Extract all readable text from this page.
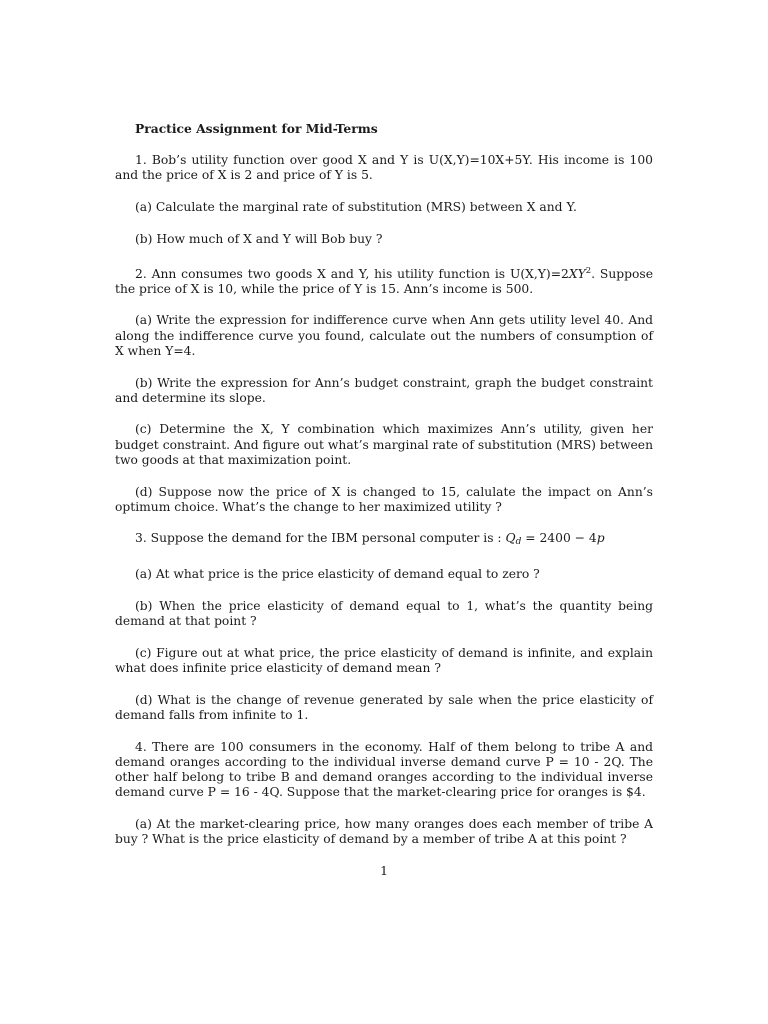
Practice Assignment for Mid-Terms
1. Bob’s utility function over good X and Y is U(X,Y)=10X+5Y. His income is 100 and the price of X is 2 and price of Y is 5.
(a) Calculate the marginal rate of substitution (MRS) between X and Y.
(b) How much of X and Y will Bob buy ?
2. Ann consumes two goods X and Y, his utility function is $U(X,Y)=2XY^2$. Suppose the price of X is 10, while the price of Y is 15. Ann’s income is 500.
(a) Write the expression for indifference curve when Ann gets utility level 40. And along the indifference curve you found, calculate out the numbers of consumption of X when Y=4.
(b) Write the expression for Ann’s budget constraint, graph the budget constraint and determine its slope.
(c) Determine the X, Y combination which maximizes Ann’s utility, given her budget constraint. And figure out what’s marginal rate of substitution (MRS) between two goods at that maximization point.
(d) Suppose now the price of X is changed to 15, calulate the impact on Ann’s optimum choice. What’s the change to her maximized utility ?
3. Suppose the demand for the IBM personal computer is : $Q_d = 2400 - 4p$
(a) At what price is the price elasticity of demand equal to zero ?
(b) When the price elasticity of demand equal to 1, what’s the quantity being demand at that point ?
(c) Figure out at what price, the price elasticity of demand is infinite, and explain what does infinite price elasticity of demand mean ?
(d) What is the change of revenue generated by sale when the price elasticity of demand falls from infinite to 1.
4. There are 100 consumers in the economy. Half of them belong to tribe A and demand oranges according to the individual inverse demand curve P = 10 - 2Q. The other half belong to tribe B and demand oranges according to the individual inverse demand curve P = 16 - 4Q. Suppose that the market-clearing price for oranges is $4.
(a) At the market-clearing price, how many oranges does each member of tribe A buy ? What is the price elasticity of demand by a member of tribe A at this point ?
1
